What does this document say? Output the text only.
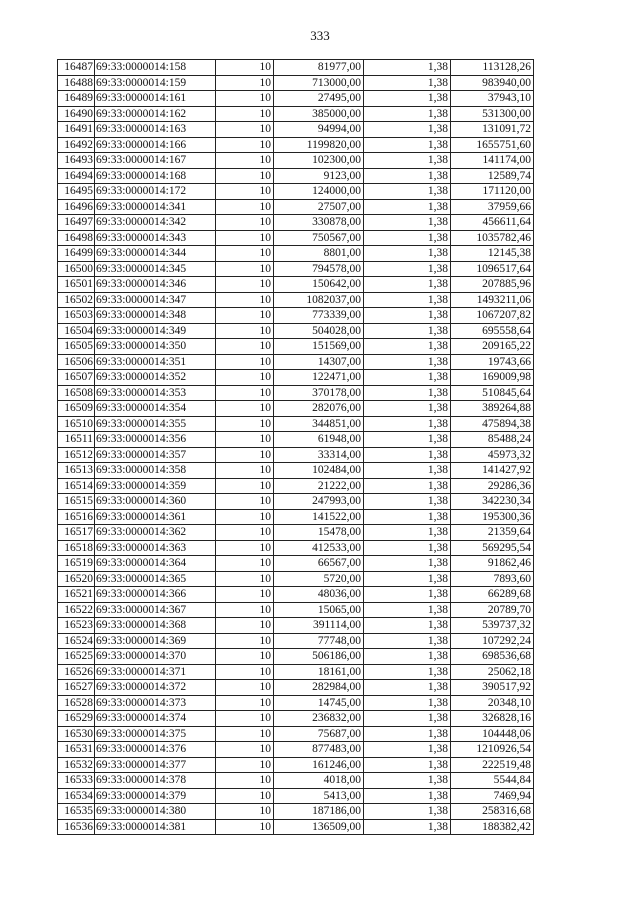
333
16487	69:33:0000014:158	10	81977,00	1,38	113128,26
16488	69:33:0000014:159	10	713000,00	1,38	983940,00
16489	69:33:0000014:161	10	27495,00	1,38	37943,10
16490	69:33:0000014:162	10	385000,00	1,38	531300,00
16491	69:33:0000014:163	10	94994,00	1,38	131091,72
16492	69:33:0000014:166	10	1199820,00	1,38	1655751,60
16493	69:33:0000014:167	10	102300,00	1,38	141174,00
16494	69:33:0000014:168	10	9123,00	1,38	12589,74
16495	69:33:0000014:172	10	124000,00	1,38	171120,00
16496	69:33:0000014:341	10	27507,00	1,38	37959,66
16497	69:33:0000014:342	10	330878,00	1,38	456611,64
16498	69:33:0000014:343	10	750567,00	1,38	1035782,46
16499	69:33:0000014:344	10	8801,00	1,38	12145,38
16500	69:33:0000014:345	10	794578,00	1,38	1096517,64
16501	69:33:0000014:346	10	150642,00	1,38	207885,96
16502	69:33:0000014:347	10	1082037,00	1,38	1493211,06
16503	69:33:0000014:348	10	773339,00	1,38	1067207,82
16504	69:33:0000014:349	10	504028,00	1,38	695558,64
16505	69:33:0000014:350	10	151569,00	1,38	209165,22
16506	69:33:0000014:351	10	14307,00	1,38	19743,66
16507	69:33:0000014:352	10	122471,00	1,38	169009,98
16508	69:33:0000014:353	10	370178,00	1,38	510845,64
16509	69:33:0000014:354	10	282076,00	1,38	389264,88
16510	69:33:0000014:355	10	344851,00	1,38	475894,38
16511	69:33:0000014:356	10	61948,00	1,38	85488,24
16512	69:33:0000014:357	10	33314,00	1,38	45973,32
16513	69:33:0000014:358	10	102484,00	1,38	141427,92
16514	69:33:0000014:359	10	21222,00	1,38	29286,36
16515	69:33:0000014:360	10	247993,00	1,38	342230,34
16516	69:33:0000014:361	10	141522,00	1,38	195300,36
16517	69:33:0000014:362	10	15478,00	1,38	21359,64
16518	69:33:0000014:363	10	412533,00	1,38	569295,54
16519	69:33:0000014:364	10	66567,00	1,38	91862,46
16520	69:33:0000014:365	10	5720,00	1,38	7893,60
16521	69:33:0000014:366	10	48036,00	1,38	66289,68
16522	69:33:0000014:367	10	15065,00	1,38	20789,70
16523	69:33:0000014:368	10	391114,00	1,38	539737,32
16524	69:33:0000014:369	10	77748,00	1,38	107292,24
16525	69:33:0000014:370	10	506186,00	1,38	698536,68
16526	69:33:0000014:371	10	18161,00	1,38	25062,18
16527	69:33:0000014:372	10	282984,00	1,38	390517,92
16528	69:33:0000014:373	10	14745,00	1,38	20348,10
16529	69:33:0000014:374	10	236832,00	1,38	326828,16
16530	69:33:0000014:375	10	75687,00	1,38	104448,06
16531	69:33:0000014:376	10	877483,00	1,38	1210926,54
16532	69:33:0000014:377	10	161246,00	1,38	222519,48
16533	69:33:0000014:378	10	4018,00	1,38	5544,84
16534	69:33:0000014:379	10	5413,00	1,38	7469,94
16535	69:33:0000014:380	10	187186,00	1,38	258316,68
16536	69:33:0000014:381	10	136509,00	1,38	188382,42
